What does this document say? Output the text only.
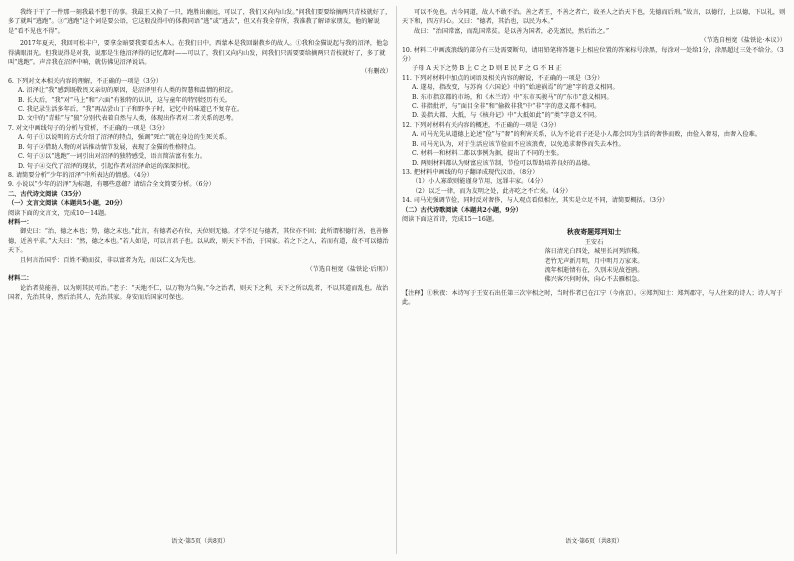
我终于干了一件那一刻我最不想干的事。我最王又换了一只，跑胜出幽远，可以了，我们又向内山发。”问我们要要给摘两只青枝就好了，多了就叫“逃跑”。③“逃跑”这个词是要公语，它这般没得中的体教同语“逃”或“逃去”，但又有我全存所，我准教了解译家朋友，他的解说是“看不见也不得”。

2017年夏天，我回可松丰户，要拿金暗要我要看杰本人。在我们日中，西蒙本是我回谢教乡的故人。①我和金猫说起与我的沼泽，他急得满眼泪光。但我说得是对我，说那是生他沼泽得的记忆都时——可以了，我们又向内山发，问我们只需要要给摘两只青枝就好了，多了就叫“逃跑”。声音我在沼泽中响，就仿佛见沼泽说话。

（有删改）

6. 下列对文本相关内容的理解，不正确的一项是（3分）

A. 沼泽让“我”感到既敬畏又亲切的原因，是沼泽里有人类的智慧和温情的积淀。

B. 长大后，“我”对“马上”和“六面”有独特的认识，这与童年的特别经历有关。

C. 我记录生活多年后，“我”再品尝山丁子和野李子时，记忆中的味道已不复存在。

D. 文中的“青蛙”与“狼”分别代表着自然与人类，体现出作者对二者关系的思考。

7. 对文中画线句子的分析与赏析，不正确的一项是（3分）

A. 句子①以说明的方式介绍了沼泽的特点，强调“死亡”就在身边的生死关系。

B. 句子②借助人物的对话推动情节发展，表现了金猫的性格特点。

C. 句子③以“逃跑”一词引出对沼泽的独特感受，语言简洁富有张力。

D. 句子④交代了沼泽的现状，引起作者对沼泽命运的深深担忧。

8. 请简要分析“少年的沼泽”中所表达的情感。（4分）

9. 小说以“少年的沼泽”为标题，有哪些意蕴？请结合全文简要分析。（6分）

二、古代诗文阅读（35分）

（一）文言文阅读（本题共5小题，20分）

阅读下面的文言文，完成10～14题。

材料一：

御史曰：“治，德之本也；势，德之末也。”此言，有德者必有位，天位则无德。才学不足与德者，其位亦不固；此所谓积德行善，也善修德，近善平求。”大夫曰：“然，德之本也。”若人如是，可以言君子也。以从政，则天下不治，于国家。若之下之人，若而有道，故不可以德治天下。

且何言治国乎：百姓不勤而贫，非以富者为先，而以仁义为先也。

（节选自桓宽《盐铁论·后刑》）

材料二：

论治者莫能善，以为则其民可治。”老子：“天地不仁，以万物为刍狗。”今之治者，则天下之利，天下之所以乱者，不以其道而乱也。故治国者，先治其身，然后治其人，先治其家。身安而后国家可保也。

语文·第5页（共8页）

可以不免也。古今同道，故人不敢不治。善之者王，不善之者亡，故圣人之治天下也，先德而后刑。”故言，以德行，上以德，下以礼，则天下和，四方归心。又曰：“德者，其治也，以民为本。”

故曰：“治国常富，而乱国常贫。是以善为国者，必先富民，然后治之。”

（节选自桓宽《盐铁论·本议》）

10. 材料二中画波浪线的部分有三处需要断句，请用铅笔将答题卡上相应位置的答案标号涂黑，每涂对一处给1分，涂黑超过三处不给分。（3分）

子母 A 天下之势 B 上 C 之 D 则 E 民 F 之 G 不 H 正

11. 下列对材料中加点的词语及相关内容的解说，不正确的一项是（3分）

A. 遂易，指改变，与苏洵《六国论》中的“始速祸焉”的“速”字的意义相同。

B. 东市指京都的市场，和《木兰诗》中“东市买骏马”的“东市”意义相同。

C. 非指批评，与“面目全非”和“偷救非我”中“非”字的意义都不相同。

D. 姜指大都、大抵，与《核舟记》中“大抵如此”的“类”字意义不同。

12. 下列对材料有关内容的概述，不正确的一项是（3分）

A. 司马光先从道德上论述“俭”与“奢”的利害关系，认为不论君子还是小人都会因为生活的奢侈而败，由俭入奢易，由奢入俭难。

B. 司马光认为，对于生活应该节俭而不应该浪费，以免追求奢侈而失去本性。

C. 材料一和材料二都以事例为据，提出了不同的主张。

D. 两则材料都认为财富应该节制，节俭可以帮助培养良好的品德。

13. 把材料中画线的句子翻译成现代汉语。（8分）

（1）小人寡欲则能谨身节用，远罪丰家。（4分）

（2）以乏一律，而为友明之处，此亦吃之不亡矣。（4分）

14. 司马光强调节俭，同时反对奢侈，与人观点看似相左，其实是立足不同，请简要概括。（3分）

（二）古代诗歌阅读（本题共2小题，9分）

阅读下面这首诗，完成15～16题。

秋夜寄题郑判知士

王安石

落日清光白四处，城里长河列滨稀。

老竹无声新月明，月中明月万家来。

流年相逝情有在，久别未见故苍鸥。

佛兴客兴何时休，向心不去雁相急。

【注释】①秋夜：本诗写于王安石出任第三次宰相之时，当时作者已在江宁（今南京）。②郑判知士：郑判郡守，与人往来的诗人；诗人写于此。

语文·第6页（共8页）
